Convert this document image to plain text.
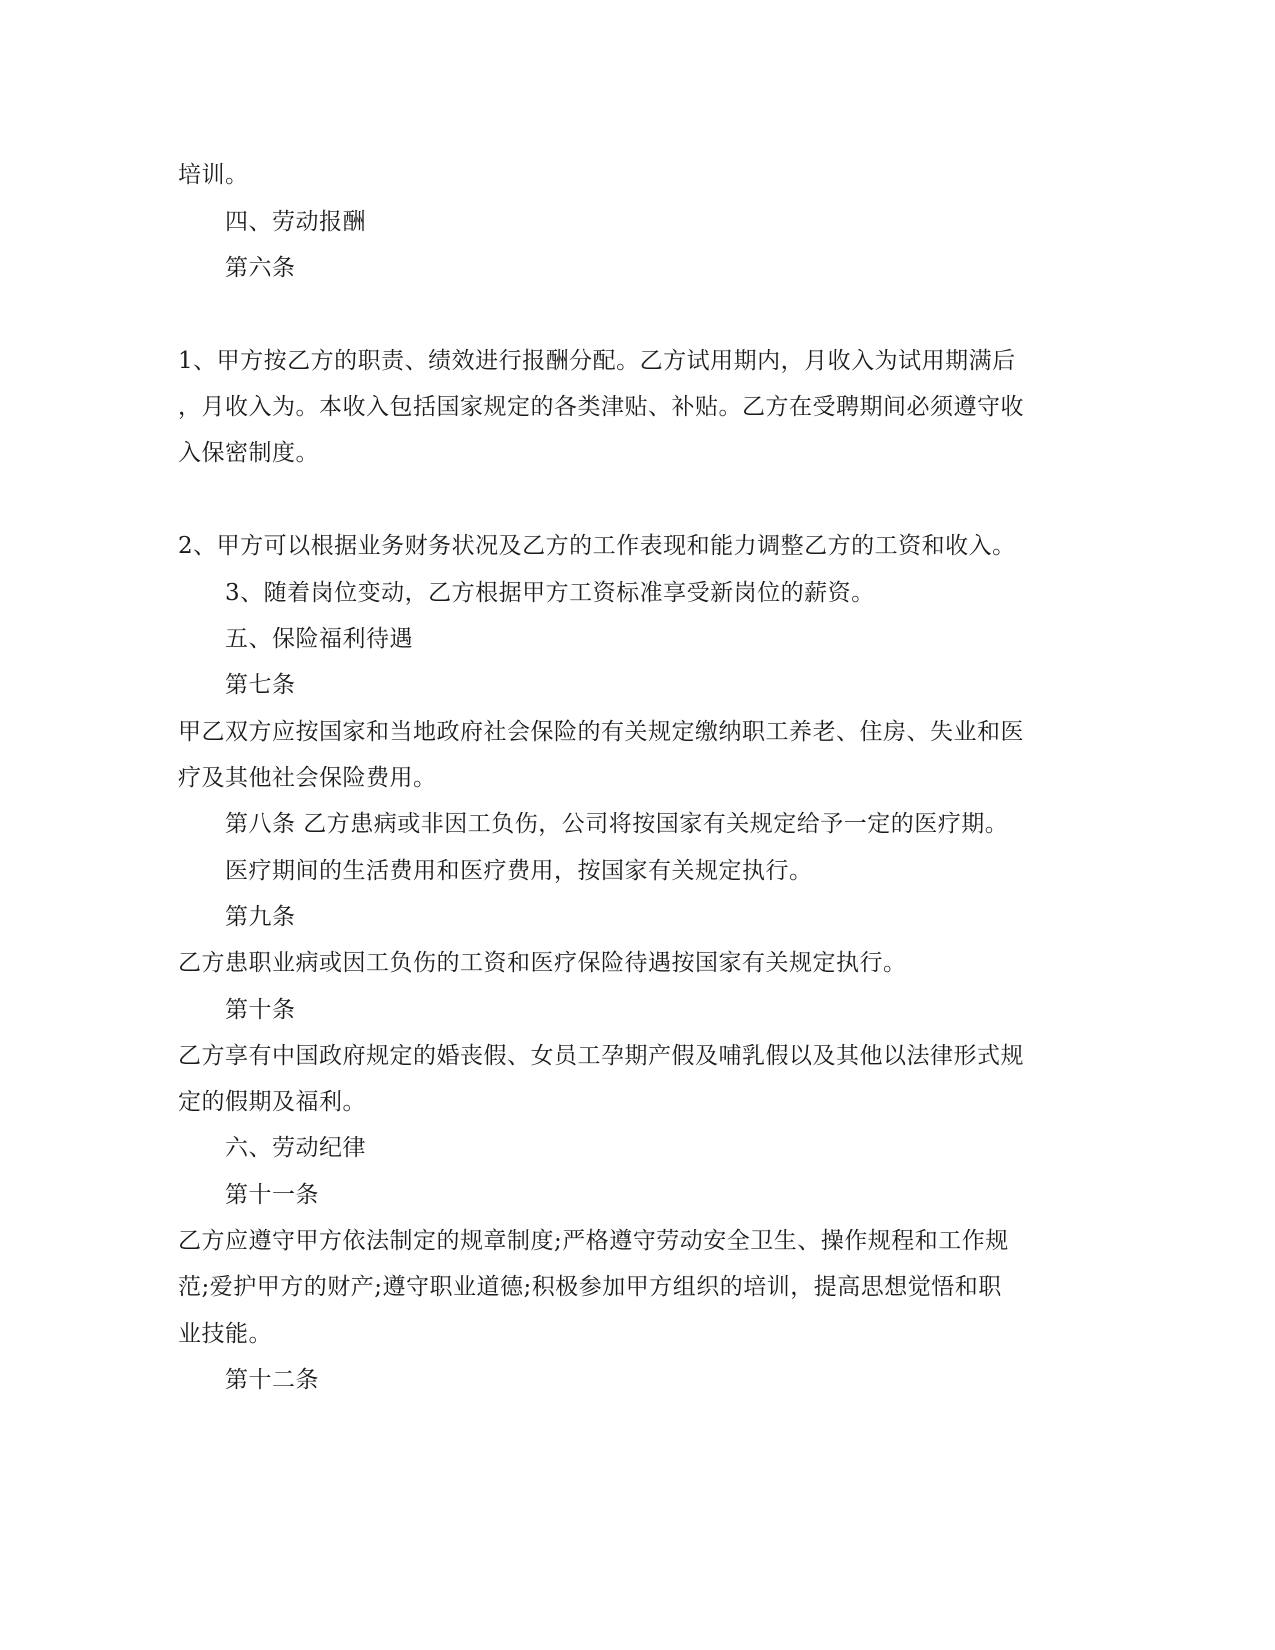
培训。
四、劳动报酬
第六条
1、甲方按乙方的职责、绩效进行报酬分配。乙方试用期内，月收入为试用期满后
，月收入为。本收入包括国家规定的各类津贴、补贴。乙方在受聘期间必须遵守收
入保密制度。
2、甲方可以根据业务财务状况及乙方的工作表现和能力调整乙方的工资和收入。
3、随着岗位变动，乙方根据甲方工资标准享受新岗位的薪资。
五、保险福利待遇
第七条
甲乙双方应按国家和当地政府社会保险的有关规定缴纳职工养老、住房、失业和医
疗及其他社会保险费用。
第八条 乙方患病或非因工负伤，公司将按国家有关规定给予一定的医疗期。
医疗期间的生活费用和医疗费用，按国家有关规定执行。
第九条
乙方患职业病或因工负伤的工资和医疗保险待遇按国家有关规定执行。
第十条
乙方享有中国政府规定的婚丧假、女员工孕期产假及哺乳假以及其他以法律形式规
定的假期及福利。
六、劳动纪律
第十一条
乙方应遵守甲方依法制定的规章制度;严格遵守劳动安全卫生、操作规程和工作规
范;爱护甲方的财产;遵守职业道德;积极参加甲方组织的培训，提高思想觉悟和职
业技能。
第十二条
